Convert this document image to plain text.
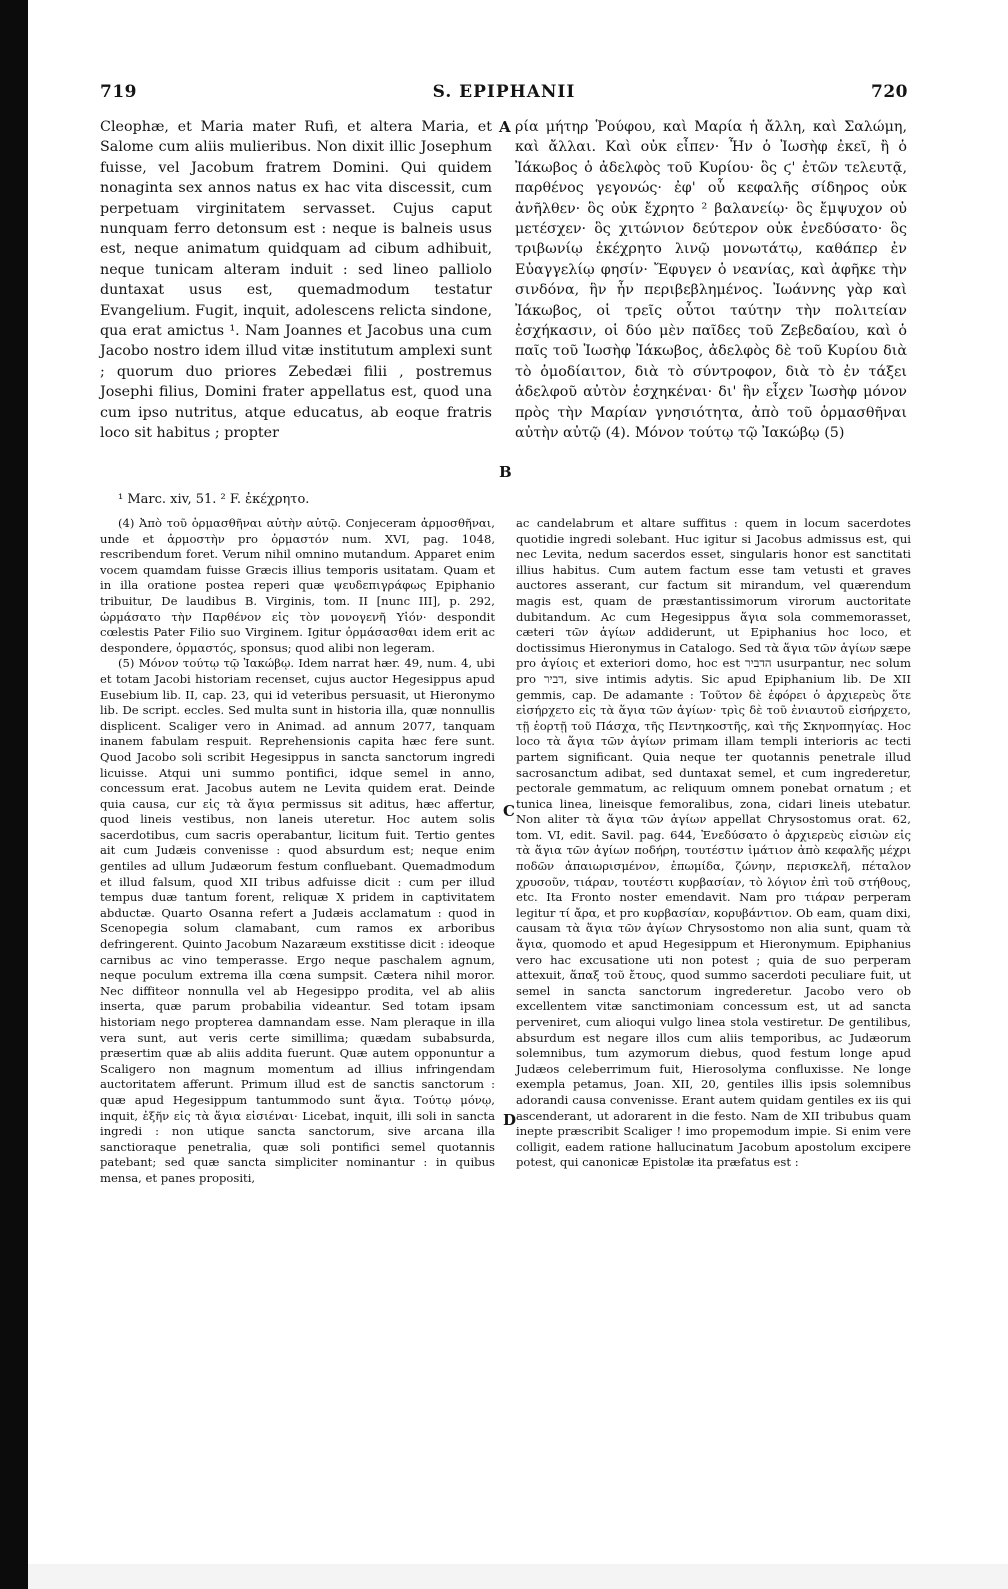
719	S. EPIPHANII	720
Cleophæ, et Maria mater Rufi, et altera Maria, et Salome cum aliis mulieribus. Non dixit illic Josephum fuisse, vel Jacobum fratrem Domini. Qui quidem nonaginta sex annos natus ex hac vita discessit, cum perpetuam virginitatem servasset. Cujus caput nunquam ferro detonsum est : neque is balneis usus est, neque animatum quidquam ad cibum adhibuit, neque tunicam alteram induit : sed lineo palliolo duntaxat usus est, quemadmodum testatur Evangelium. Fugit, inquit, adolescens relicta sindone, qua erat amictus ¹. Nam Joannes et Jacobus una cum Jacobo nostro idem illud vitæ institutum amplexi sunt ; quorum duo priores Zebedæi filii , postremus Josephi filius, Domini frater appellatus est, quod una cum ipso nutritus, atque educatus, ab eoque fratris loco sit habitus ; propter
ρία μήτηρ Ῥούφου, καὶ Μαρία ἡ ἄλλη, καὶ Σαλώμη, καὶ ἄλλαι. Καὶ οὐκ εἶπεν· Ἦν ὁ Ἰωσὴφ ἐκεῖ, ἢ ὁ Ἰάκωβος ὁ ἀδελφὸς τοῦ Κυρίου· ὃς ϛ' ἐτῶν τελευτᾷ, παρθένος γεγονώς· ἐφ' οὗ κεφαλῆς σίδηρος οὐκ ἀνῆλθεν· ὃς οὐκ ἔχρητο ² βαλανείῳ· ὃς ἔμψυχον οὐ μετέσχεν· ὃς χιτώνιον δεύτερον οὐκ ἐνεδύσατο· ὃς τριβωνίῳ ἐκέχρητο λινῷ μονωτάτῳ, καθάπερ ἐν Εὐαγγελίῳ φησίν· Ἔφυγεν ὁ νεανίας, καὶ ἀφῆκε τὴν σινδόνα, ἣν ἦν περιβεβλημένος. Ἰωάννης γὰρ καὶ Ἰάκωβος, οἱ τρεῖς οὗτοι ταύτην τὴν πολιτείαν ἐσχήκασιν, οἱ δύο μὲν παῖδες τοῦ Ζεβεδαίου, καὶ ὁ παῖς τοῦ Ἰωσὴφ Ἰάκωβος, ἀδελφὸς δὲ τοῦ Κυρίου διὰ τὸ ὁμοδίαιτον, διὰ τὸ σύντροφον, διὰ τὸ ἐν τάξει ἀδελφοῦ αὐτὸν ἐσχηκέναι· δι' ἣν εἶχεν Ἰωσὴφ μόνον πρὸς τὴν Μαρίαν γνησιότητα, ἀπὸ τοῦ ὁρμασθῆναι αὐτὴν αὐτῷ (4). Μόνον τούτῳ τῷ Ἰακώβῳ (5)
A
B
C
D
¹ Marc. xiv, 51. ² F. ἐκέχρητο.

(4) Ἀπὸ τοῦ ὁρμασθῆναι αὐτὴν αὐτῷ. Conjeceram ἁρμοσθῆναι, unde et ἁρμοστὴν pro ὁρμαστόν num. XVI, pag. 1048, rescribendum foret. Verum nihil omnino mutandum. Apparet enim vocem quamdam fuisse Græcis illius temporis usitatam. Quam et in illa oratione postea reperi quæ ψευδεπιγράφως Epiphanio tribuitur, De laudibus B. Virginis, tom. II [nunc III], p. 292, ὡρμάσατο τὴν Παρθένον εἰς τὸν μονογενῆ Υἱόν· despondit cœlestis Pater Filio suo Virginem. Igitur ὁρμάσασθαι idem erit ac desponderе, ὁρμαστός, sponsus; quod alibi non legeram.

(5) Μόνον τούτῳ τῷ Ἰακώβῳ. Idem narrat hær. 49, num. 4, ubi et totam Jacobi historiam recenset, cujus auctor Hegesippus apud Eusebium lib. II, cap. 23, qui id veteribus persuasit, ut Hieronymo lib. De script. eccles. Sed multa sunt in historia illa, quæ nonnullis displicent. Scaliger vero in Animad. ad annum 2077, tanquam inanem fabulam respuit. Reprehensionis capita hæc fere sunt. Quod Jacobo soli scribit Hegesippus in sancta sanctorum ingredi licuisse. Atqui uni summo pontifici, idque semel in anno, concessum erat. Jacobus autem ne Levita quidem erat. Deinde quia causa, cur εἰς τὰ ἅγια permissus sit aditus, hæc affertur, quod lineis vestibus, non laneis uteretur. Hoc autem solis sacerdotibus, cum sacris operabantur, licitum fuit. Tertio gentes ait cum Judæis convenisse : quod absurdum est; neque enim gentiles ad ullum Judæorum festum confluebant. Quemadmodum et illud falsum, quod XII tribus adfuisse dicit : cum per illud tempus duæ tantum forent, reliquæ X pridem in captivitatem abductæ. Quarto Osanna refert a Judæis acclamatum : quod in Scenopegia solum clamabant, cum ramos ex arboribus defringerent. Quinto Jacobum Nazaræum exstitisse dicit : ideoque carnibus ac vino temperasse. Ergo neque paschalem agnum, neque poculum extrema illa cœna sumpsit. Cætera nihil moror. Nec diffiteor nonnulla vel ab Hegesippo prodita, vel ab aliis inserta, quæ parum probabilia videantur. Sed totam ipsam historiam nego propterea damnandam esse. Nam pleraque in illa vera sunt, aut veris certe simillima; quædam subabsurda, præsertim quæ ab aliis addita fuerunt. Quæ autem opponuntur a Scaligero non magnum momentum ad illius infringendam auctoritatem afferunt. Primum illud est de sanctis sanctorum : quæ apud Hegesippum tantummodo sunt ἅγια. Τούτῳ μόνῳ, inquit, ἐξῆν εἰς τὰ ἅγια εἰσιέναι· Licebat, inquit, illi soli in sancta ingredi : non utique sancta sanctorum, sive arcana illa sanctioraque penetralia, quæ soli pontifici semel quotannis patebant; sed quæ sancta simpliciter nominantur : in quibus mensa, et panes propositi,

ac candelabrum et altare suffitus : quem in locum sacerdotes quotidie ingredi solebant. Huc igitur si Jacobus admissus est, qui nec Levita, nedum sacerdos esset, singularis honor est sanctitati illius habitus. Cum autem factum esse tam vetusti et graves auctores asserant, cur factum sit mirandum, vel quærendum magis est, quam de præstantissimorum virorum auctoritate dubitandum. Ac cum Hegesippus ἅγια sola commemorasset, cæteri τῶν ἁγίων addiderunt, ut Epiphanius hoc loco, et doctissimus Hieronymus in Catalogo. Sed τὰ ἅγια τῶν ἁγίων sæpe pro ἁγίοις et exteriori domo, hoc est הדביר usurpantur, nec solum pro דביר, sive intimis adytis. Sic apud Epiphanium lib. De XII gemmis, cap. De adamante : Τοῦτον δὲ ἐφόρει ὁ ἀρχιερεὺς ὅτε εἰσήρχετο εἰς τὰ ἅγια τῶν ἁγίων· τρὶς δὲ τοῦ ἐνιαυτοῦ εἰσήρχετο, τῇ ἑορτῇ τοῦ Πάσχα, τῆς Πεντηκοστῆς, καὶ τῆς Σκηνοπηγίας. Hoc loco τὰ ἅγια τῶν ἁγίων primam illam templi interioris ac tecti partem significant. Quia neque ter quotannis penetrale illud sacrosanctum adibat, sed duntaxat semel, et cum ingrederetur, pectorale gemmatum, ac reliquum omnem ponebat ornatum ; et tunica linea, lineisque femoralibus, zona, cidari lineis utebatur. Non aliter τὰ ἅγια τῶν ἁγίων appellat Chrysostomus orat. 62, tom. VI, edit. Savil. pag. 644, Ἐνεδύσατο ὁ ἀρχιερεὺς εἰσιὼν εἰς τὰ ἅγια τῶν ἁγίων ποδήρη, τουτέστιν ἱμάτιον ἀπὸ κεφαλῆς μέχρι ποδῶν ἀπαιωρισμένον, ἐπωμίδα, ζώνην, περισκελῆ, πέταλον χρυσοῦν, τιάραν, τουτέστι κυρβασίαν, τὸ λόγιον ἐπὶ τοῦ στήθους, etc. Ita Fronto noster emendavit. Nam pro τιάραν perperam legitur τί ἄρα, et pro κυρβασίαν, κορυβάντιον. Ob eam, quam dixi, causam τὰ ἅγια τῶν ἁγίων Chrysostomo non alia sunt, quam τὰ ἅγια, quomodo et apud Hegesippum et Hieronymum. Epiphanius vero hac excusatione uti non potest ; quia de suo perperam attexuit, ἅπαξ τοῦ ἔτους, quod summo sacerdoti peculiare fuit, ut semel in sancta sanctorum ingrederetur. Jacobo vero ob excellentem vitæ sanctimoniam concessum est, ut ad sancta perveniret, cum alioqui vulgo linea stola vestiretur. De gentilibus, absurdum est negare illos cum aliis temporibus, ac Judæorum solemnibus, tum azymorum diebus, quod festum longe apud Judæos celeberrimum fuit, Hierosolyma confluxisse. Ne longe exempla petamus, Joan. XII, 20, gentiles illis ipsis solemnibus adorandi causa convenisse. Erant autem quidam gentiles ex iis qui ascenderant, ut adorarent in die festo. Nam de XII tribubus quam inepte præscribit Scaliger ! imo propemodum impie. Si enim vere colligit, eadem ratione hallucinatum Jacobum apostolum excipere potest, qui canonicæ Epistolæ ita præfatus est :
